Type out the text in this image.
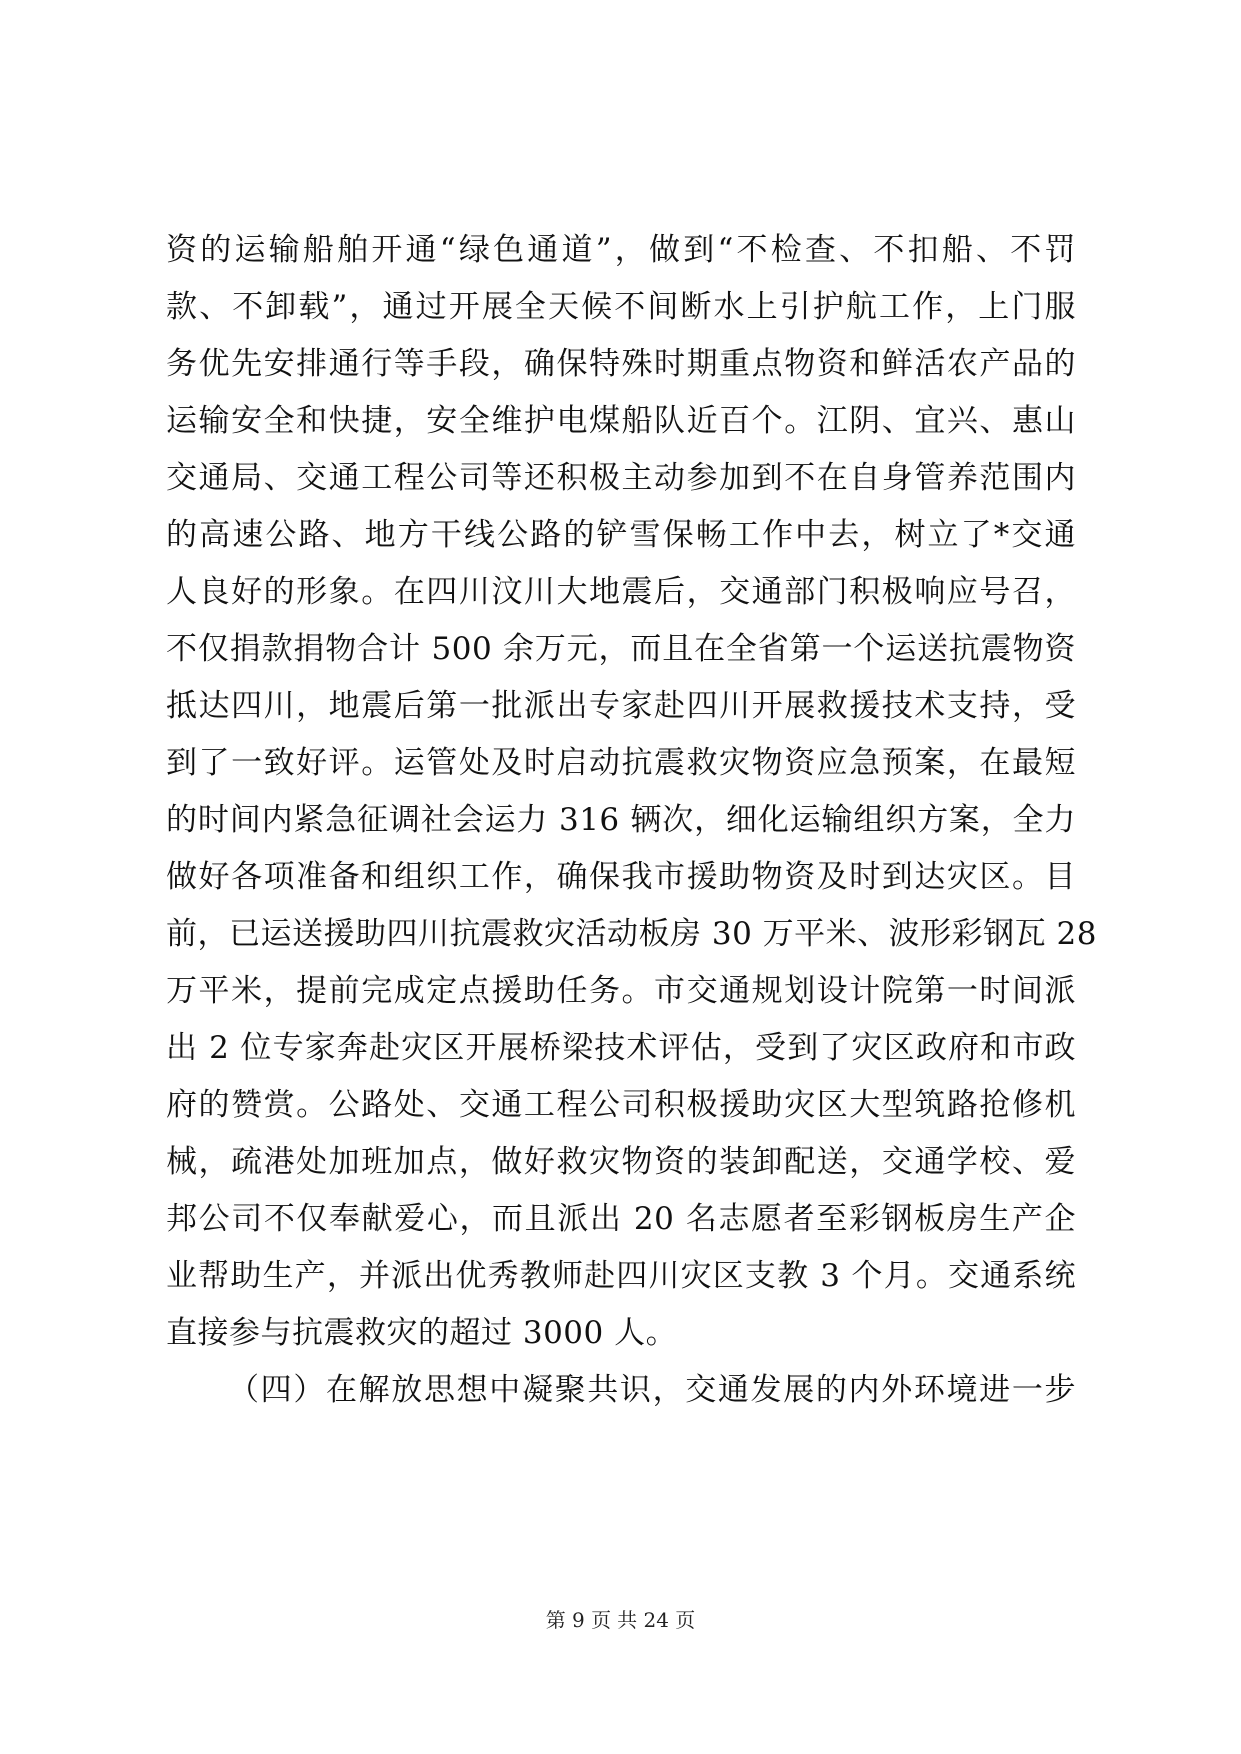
资的运输船舶开通“绿色通道”，做到“不检查、不扣船、不罚
款、不卸载”，通过开展全天候不间断水上引护航工作，上门服
务优先安排通行等手段，确保特殊时期重点物资和鲜活农产品的
运输安全和快捷，安全维护电煤船队近百个。江阴、宜兴、惠山
交通局、交通工程公司等还积极主动参加到不在自身管养范围内
的高速公路、地方干线公路的铲雪保畅工作中去，树立了*交通
人良好的形象。在四川汶川大地震后，交通部门积极响应号召，
不仅捐款捐物合计 500 余万元，而且在全省第一个运送抗震物资
抵达四川，地震后第一批派出专家赴四川开展救援技术支持，受
到了一致好评。运管处及时启动抗震救灾物资应急预案，在最短
的时间内紧急征调社会运力 316 辆次，细化运输组织方案，全力
做好各项准备和组织工作，确保我市援助物资及时到达灾区。目
前，已运送援助四川抗震救灾活动板房 30 万平米、波形彩钢瓦 28
万平米，提前完成定点援助任务。市交通规划设计院第一时间派
出 2 位专家奔赴灾区开展桥梁技术评估，受到了灾区政府和市政
府的赞赏。公路处、交通工程公司积极援助灾区大型筑路抢修机
械，疏港处加班加点，做好救灾物资的装卸配送，交通学校、爱
邦公司不仅奉献爱心，而且派出 20 名志愿者至彩钢板房生产企
业帮助生产，并派出优秀教师赴四川灾区支教 3 个月。交通系统
直接参与抗震救灾的超过 3000 人。
（四）在解放思想中凝聚共识，交通发展的内外环境进一步
第 9 页 共 24 页
